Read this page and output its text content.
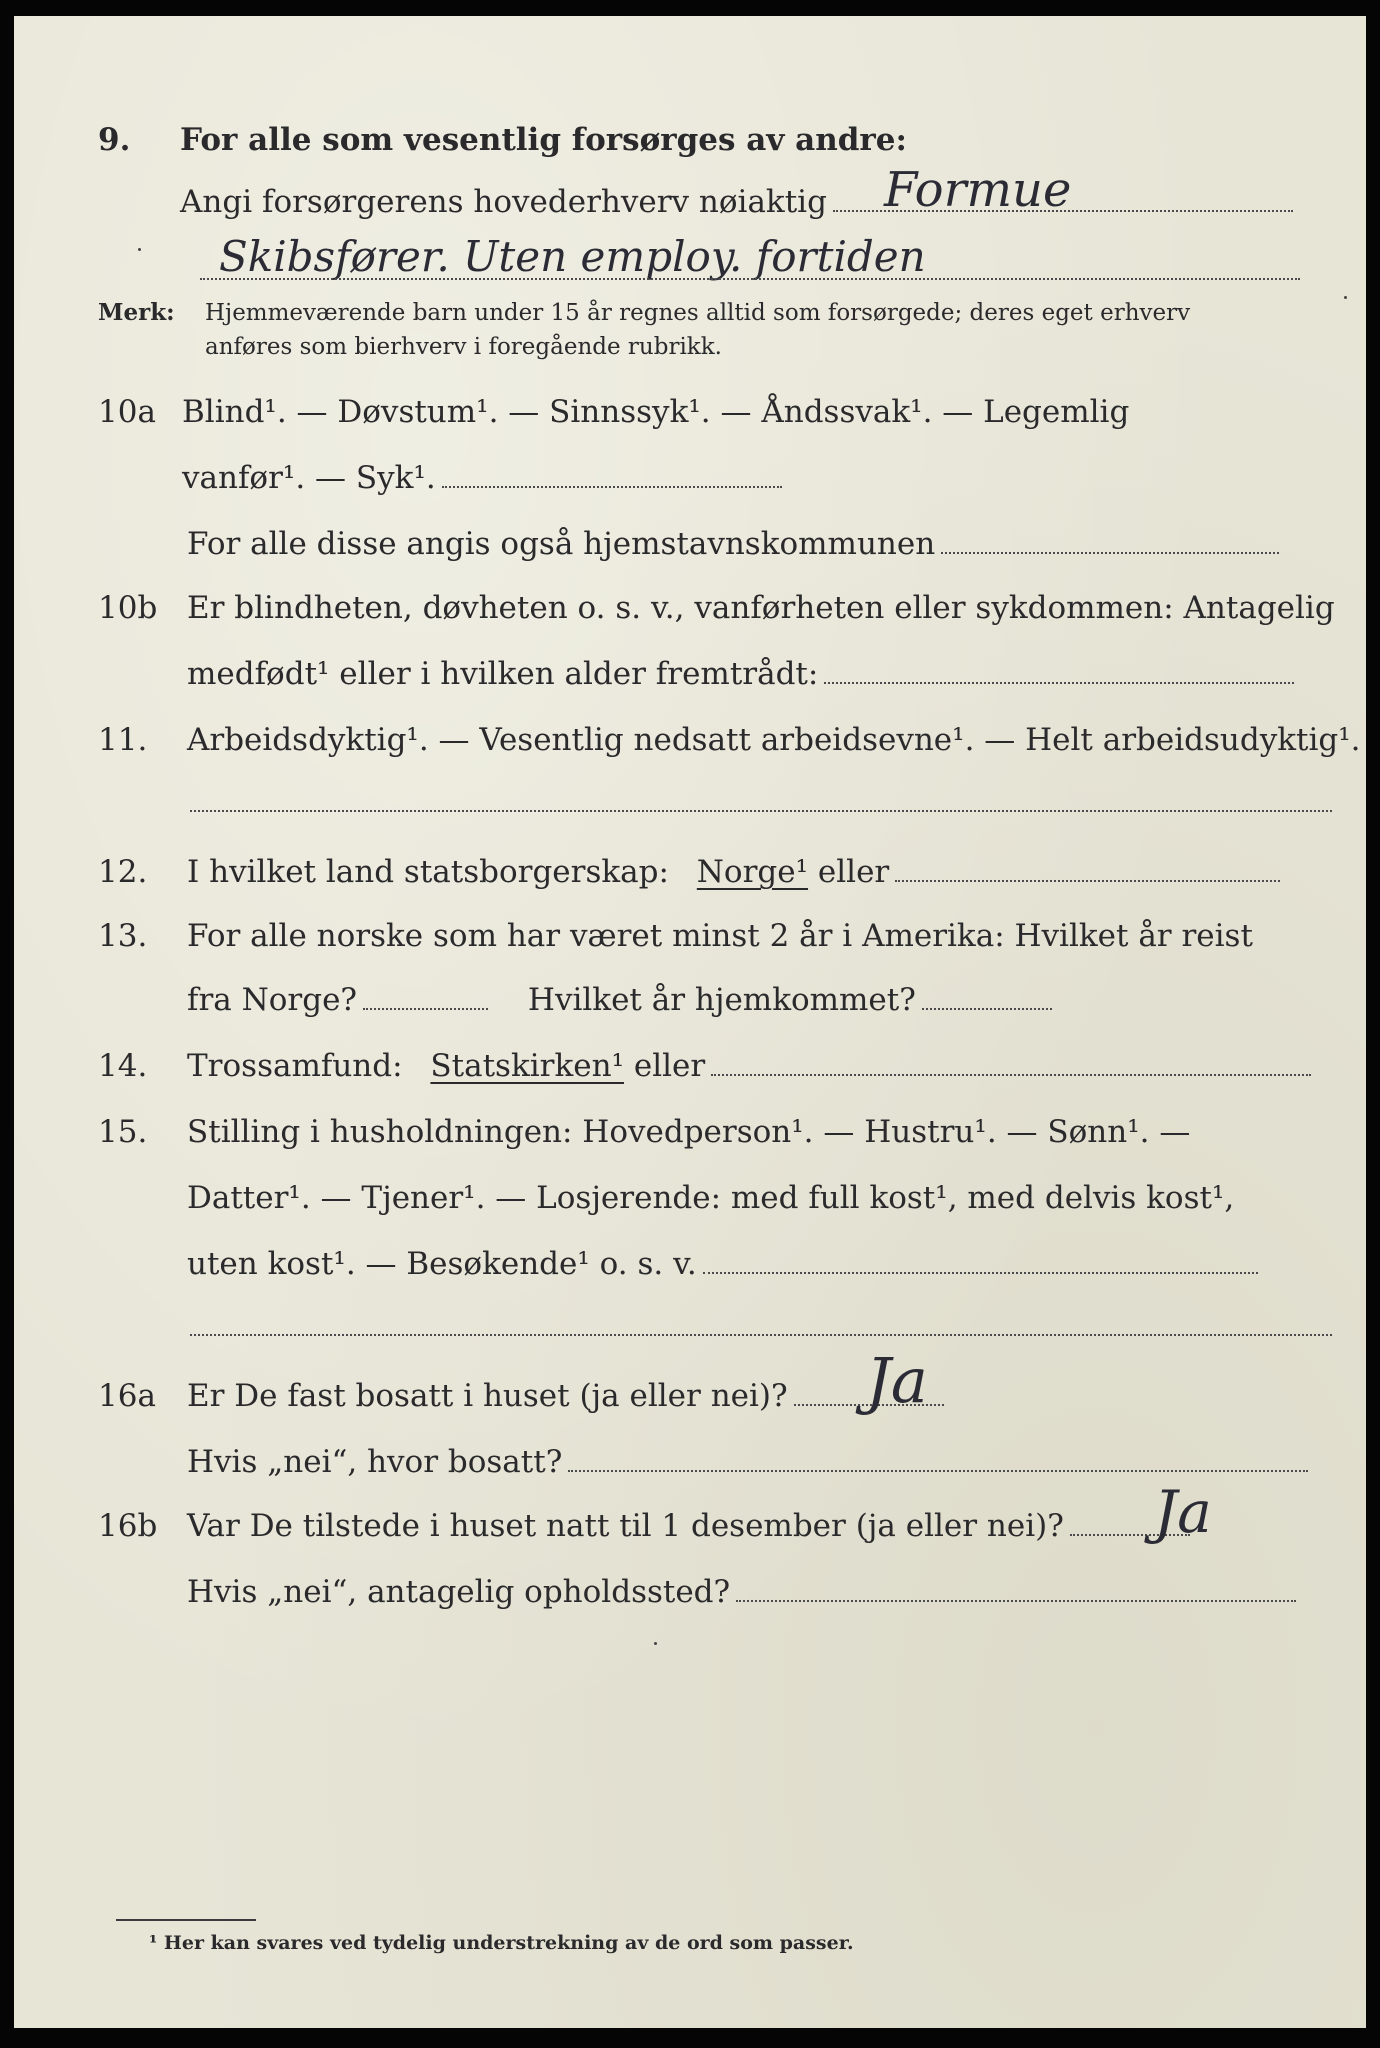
9. For alle som vesentlig forsørges av andre:
Angi forsørgerens hovederhverv nøiaktig	Formue
Skibsfører. Uten employ. fortiden
Merk: Hjemmeværende barn under 15 år regnes alltid som forsørgede; deres eget erhverv
anføres som bierhverv i foregående rubrikk.
10a Blind¹. — Døvstum¹. — Sinnssyk¹. — Åndssvak¹. — Legemlig
vanfør¹. — Syk¹.
For alle disse angis også hjemstavnskommunen
10b Er blindheten, døvheten o. s. v., vanførheten eller sykdommen: Antagelig
medfødt¹ eller i hvilken alder fremtrådt:
11. Arbeidsdyktig¹. — Vesentlig nedsatt arbeidsevne¹. — Helt arbeidsudyktig¹.
12. I hvilket land statsborgerskap: Norge¹ eller
13. For alle norske som har været minst 2 år i Amerika: Hvilket år reist
fra Norge?	Hvilket år hjemkommet?
14. Trossamfund: Statskirken¹ eller
15. Stilling i husholdningen: Hovedperson¹. — Hustru¹. — Sønn¹. —
Datter¹. — Tjener¹. — Losjerende: med full kost¹, med delvis kost¹,
uten kost¹. — Besøkende¹ o. s. v.
16a Er De fast bosatt i huset (ja eller nei)?	Ja
Hvis „nei“, hvor bosatt?
16b Var De tilstede i huset natt til 1 desember (ja eller nei)?	Ja
Hvis „nei“, antagelig opholdssted?
¹ Her kan svares ved tydelig understrekning av de ord som passer.
